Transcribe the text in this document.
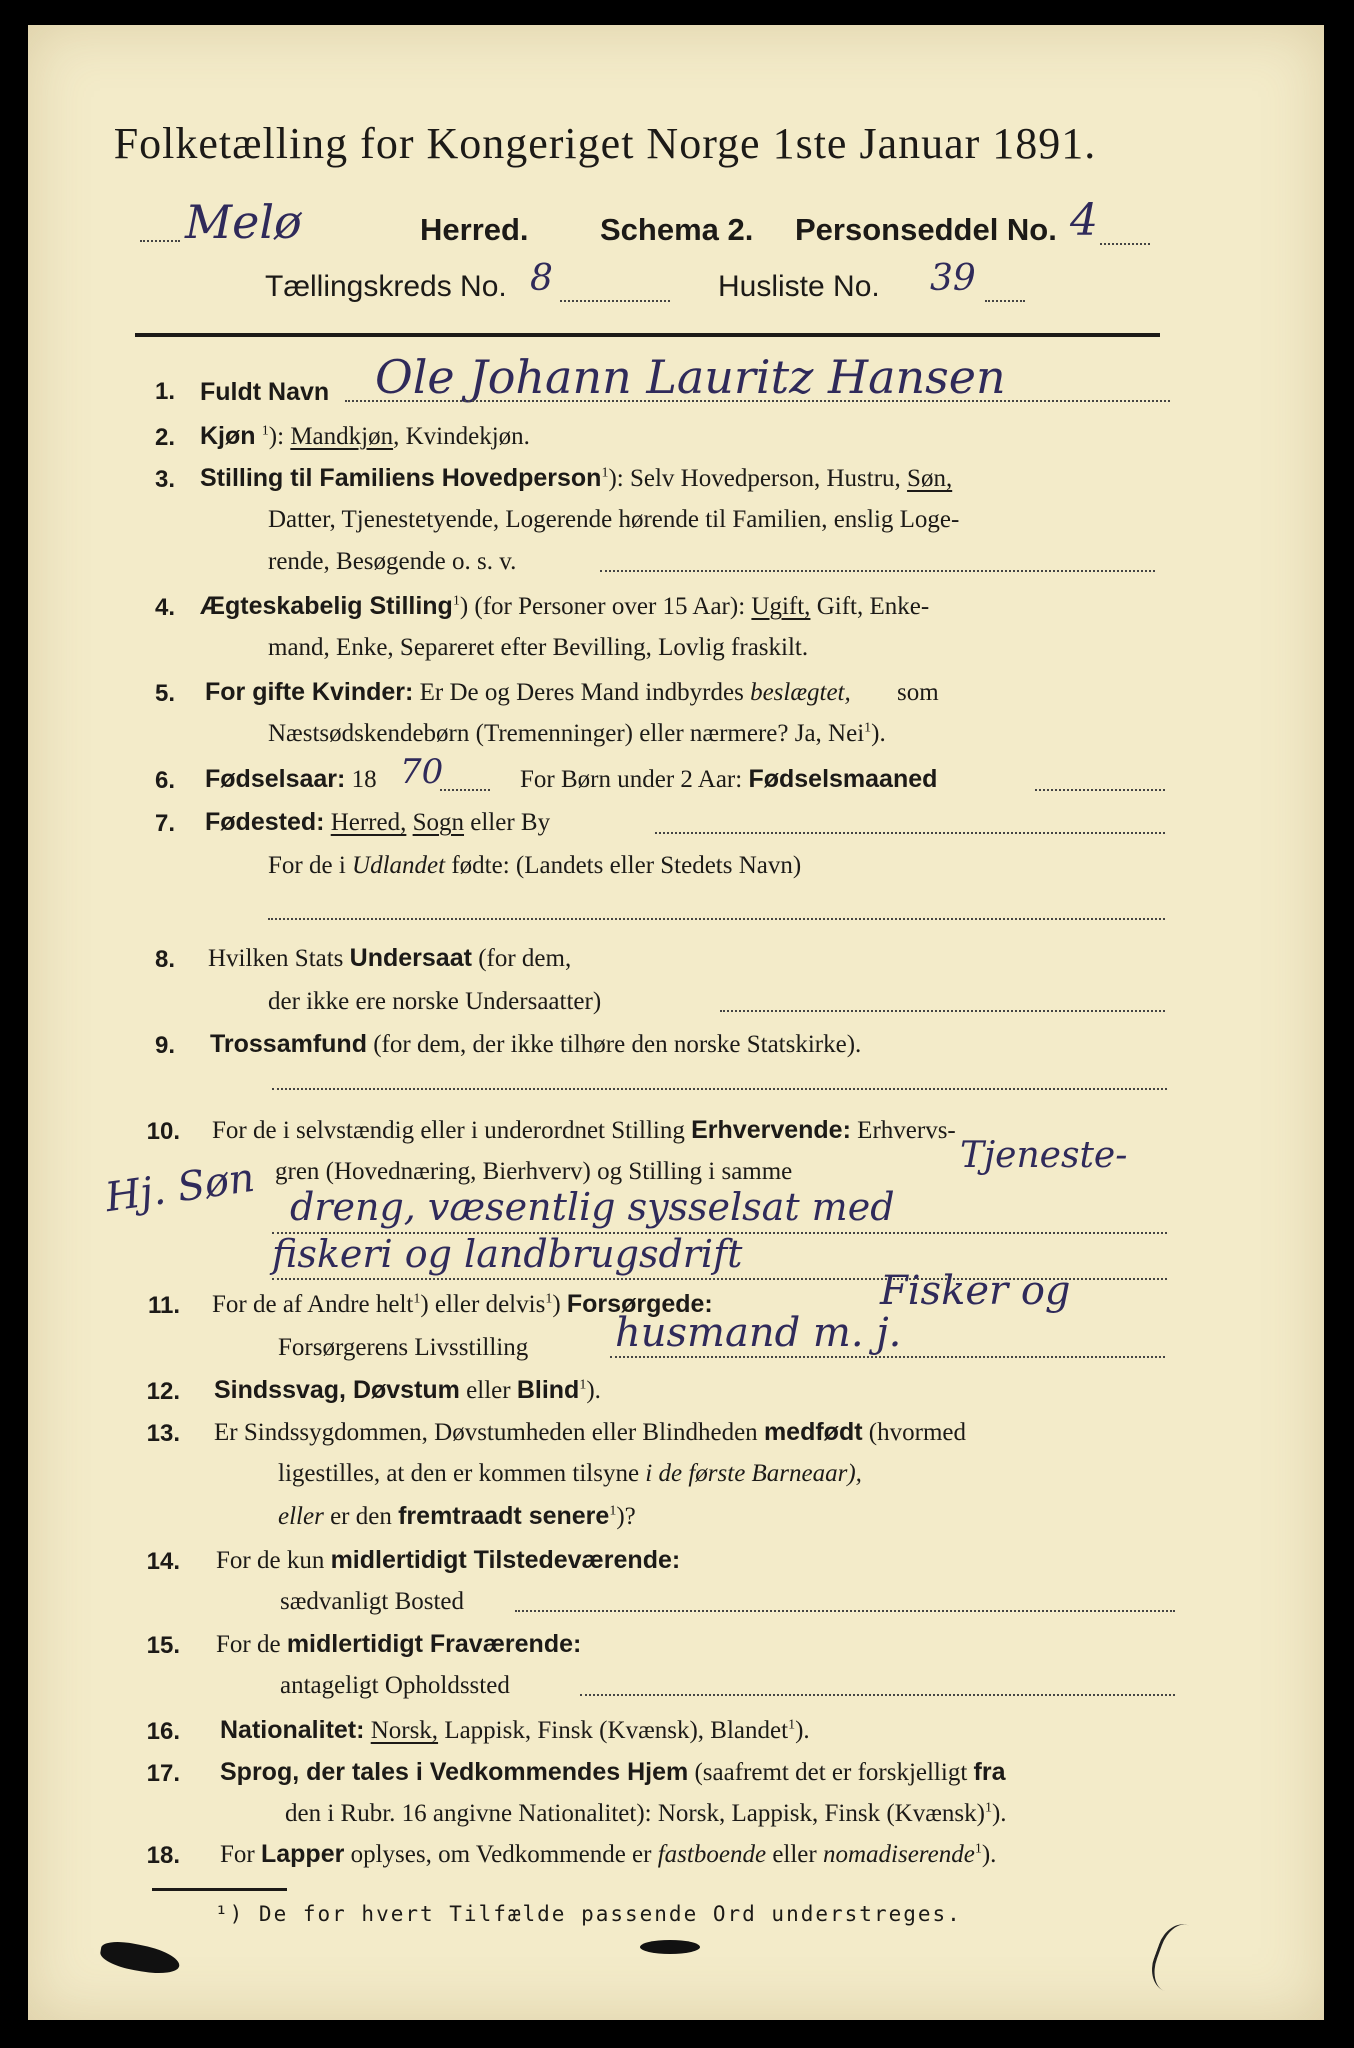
Folketælling for Kongeriget Norge 1ste Januar 1891.
Melø	Herred. Schema 2. Personseddel No. 4
Tællingskreds No. 8	Husliste No. 39
1. Fuldt Navn Ole Johann Lauritz Hansen
2. Kjøn $^1$): Mandkjøn, Kvindekjøn.
3. Stilling til Familiens Hovedperson$^1$): Selv Hovedperson, Hustru, Søn,
Datter, Tjenestetyende, Logerende hørende til Familien, enslig Loge-
rende, Besøgende o. s. v.
4. Ægteskabelig Stilling$^1$) (for Personer over 15 Aar): Ugift, Gift, Enke-
mand, Enke, Separeret efter Bevilling, Lovlig fraskilt.
5. For gifte Kvinder: Er De og Deres Mand indbyrdes beslægtet, som
Næstsødskendebørn (Tremenninger) eller nærmere? Ja, Nei$^1$).
6. Fødselsaar: 18 70	For Børn under 2 Aar: Fødselsmaaned
7. Fødested: Herred, Sogn eller By
For de i Udlandet fødte: (Landets eller Stedets Navn)
8. Hvilken Stats Undersaat (for dem,
der ikke ere norske Undersaatter)
9. Trossamfund (for dem, der ikke tilhøre den norske Statskirke).
10. For de i selvstændig eller i underordnet Stilling Erhvervende: Erhvervs-
gren (Hovednæring, Bierhverv) og Stilling i samme	Tjeneste-
Hj. Søn dreng, væsentlig sysselsat med
fiskeri og landbrugsdrift
11. For de af Andre helt$^1$) eller delvis$^1$) Forsørgede:	Fisker og
Forsørgerens Livsstilling husmand m. j.
12. Sindssvag, Døvstum eller Blind$^1$).
13. Er Sindssygdommen, Døvstumheden eller Blindheden medfødt (hvormed
ligestilles, at den er kommen tilsyne i de første Barneaar),
eller er den fremtraadt senere$^1$)?
14. For de kun midlertidigt Tilstedeværende:
sædvanligt Bosted
15. For de midlertidigt Fraværende:
antageligt Opholdssted
16. Nationalitet: Norsk, Lappisk, Finsk (Kvænsk), Blandet$^1$).
17. Sprog, der tales i Vedkommendes Hjem (saafremt det er forskjelligt fra
den i Rubr. 16 angivne Nationalitet): Norsk, Lappisk, Finsk (Kvænsk)$^1$).
18. For Lapper oplyses, om Vedkommende er fastboende eller nomadiserende$^1$).
¹) De for hvert Tilfælde passende Ord understreges.
